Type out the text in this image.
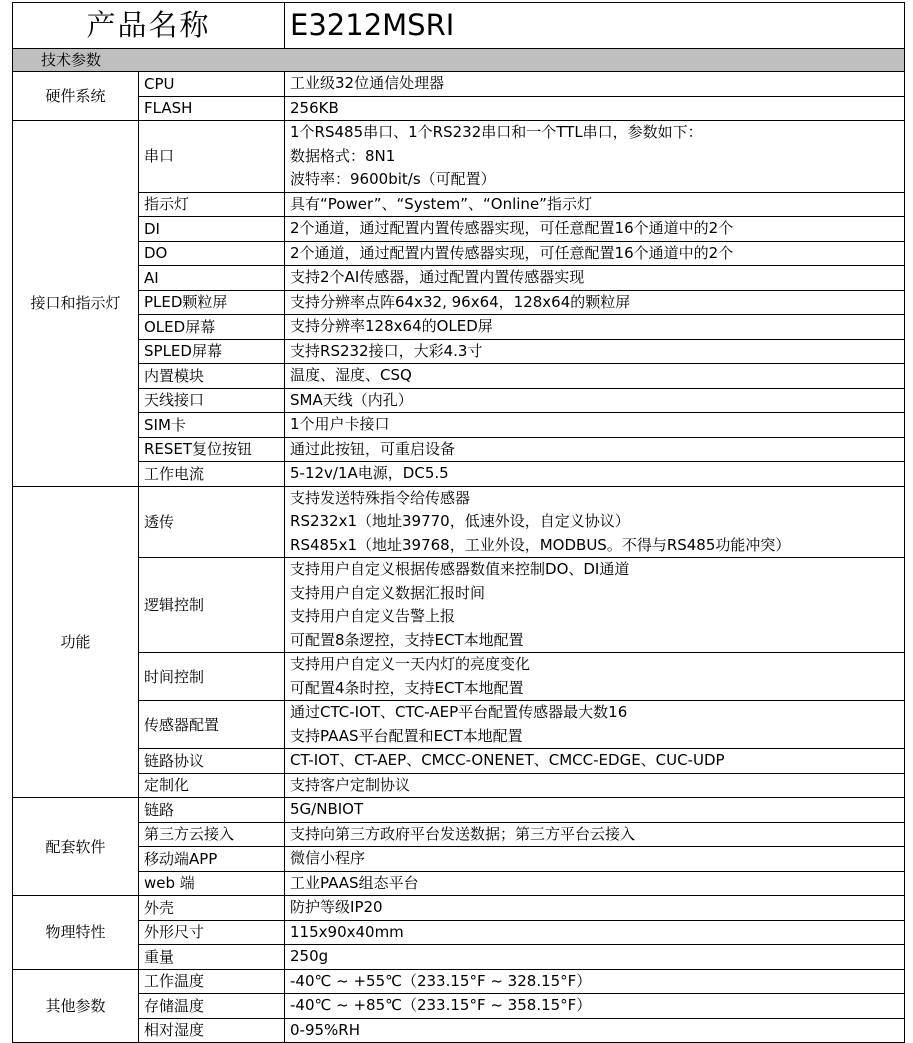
产品名称		E3212MSRI
技术参数		
硬件系统	CPU	工业级32位通信处理器

	FLASH	256KB

接口和指示灯	串口	1个RS485串口、1个RS232串口和一个TTL串口，参数如下：
数据格式：8N1
波特率：9600bit/s（可配置）

	指示灯	具有“Power”、“System”、“Online”指示灯

	DI	2个通道，通过配置内置传感器实现，可任意配置16个通道中的2个

	DO	2个通道，通过配置内置传感器实现，可任意配置16个通道中的2个

	AI	支持2个AI传感器，通过配置内置传感器实现

	PLED颗粒屏	支持分辨率点阵64x32, 96x64，128x64的颗粒屏

	OLED屏幕	支持分辨率128x64的OLED屏

	SPLED屏幕	支持RS232接口，大彩4.3寸

	内置模块	温度、湿度、CSQ

	天线接口	SMA天线（内孔）

	SIM卡	1个用户卡接口

	RESET复位按钮	通过此按钮，可重启设备

	工作电流	5-12v/1A电源，DC5.5

功能	透传	支持发送特殊指令给传感器
RS232x1（地址39770，低速外设，自定义协议）
RS485x1（地址39768，工业外设，MODBUS。不得与RS485功能冲突）

	逻辑控制	支持用户自定义根据传感器数值来控制DO、DI通道
支持用户自定义数据汇报时间
支持用户自定义告警上报
可配置8条逻控，支持ECT本地配置

	时间控制	支持用户自定义一天内灯的亮度变化
可配置4条时控，支持ECT本地配置

	传感器配置	通过CTC-IOT、CTC-AEP平台配置传感器最大数16
支持PAAS平台配置和ECT本地配置

	链路协议	CT-IOT、CT-AEP、CMCC-ONENET、CMCC-EDGE、CUC-UDP

	定制化	支持客户定制协议

配套软件	链路	5G/NBIOT

	第三方云接入	支持向第三方政府平台发送数据；第三方平台云接入

	移动端APP	微信小程序

	web 端	工业PAAS组态平台

物理特性	外壳	防护等级IP20

	外形尺寸	115x90x40mm

	重量	250g

其他参数	工作温度	-40℃ ~ +55℃（233.15°F ~ 328.15°F）

	存储温度	-40℃ ~ +85℃（233.15°F ~ 358.15°F）

	相对湿度	0-95%RH
